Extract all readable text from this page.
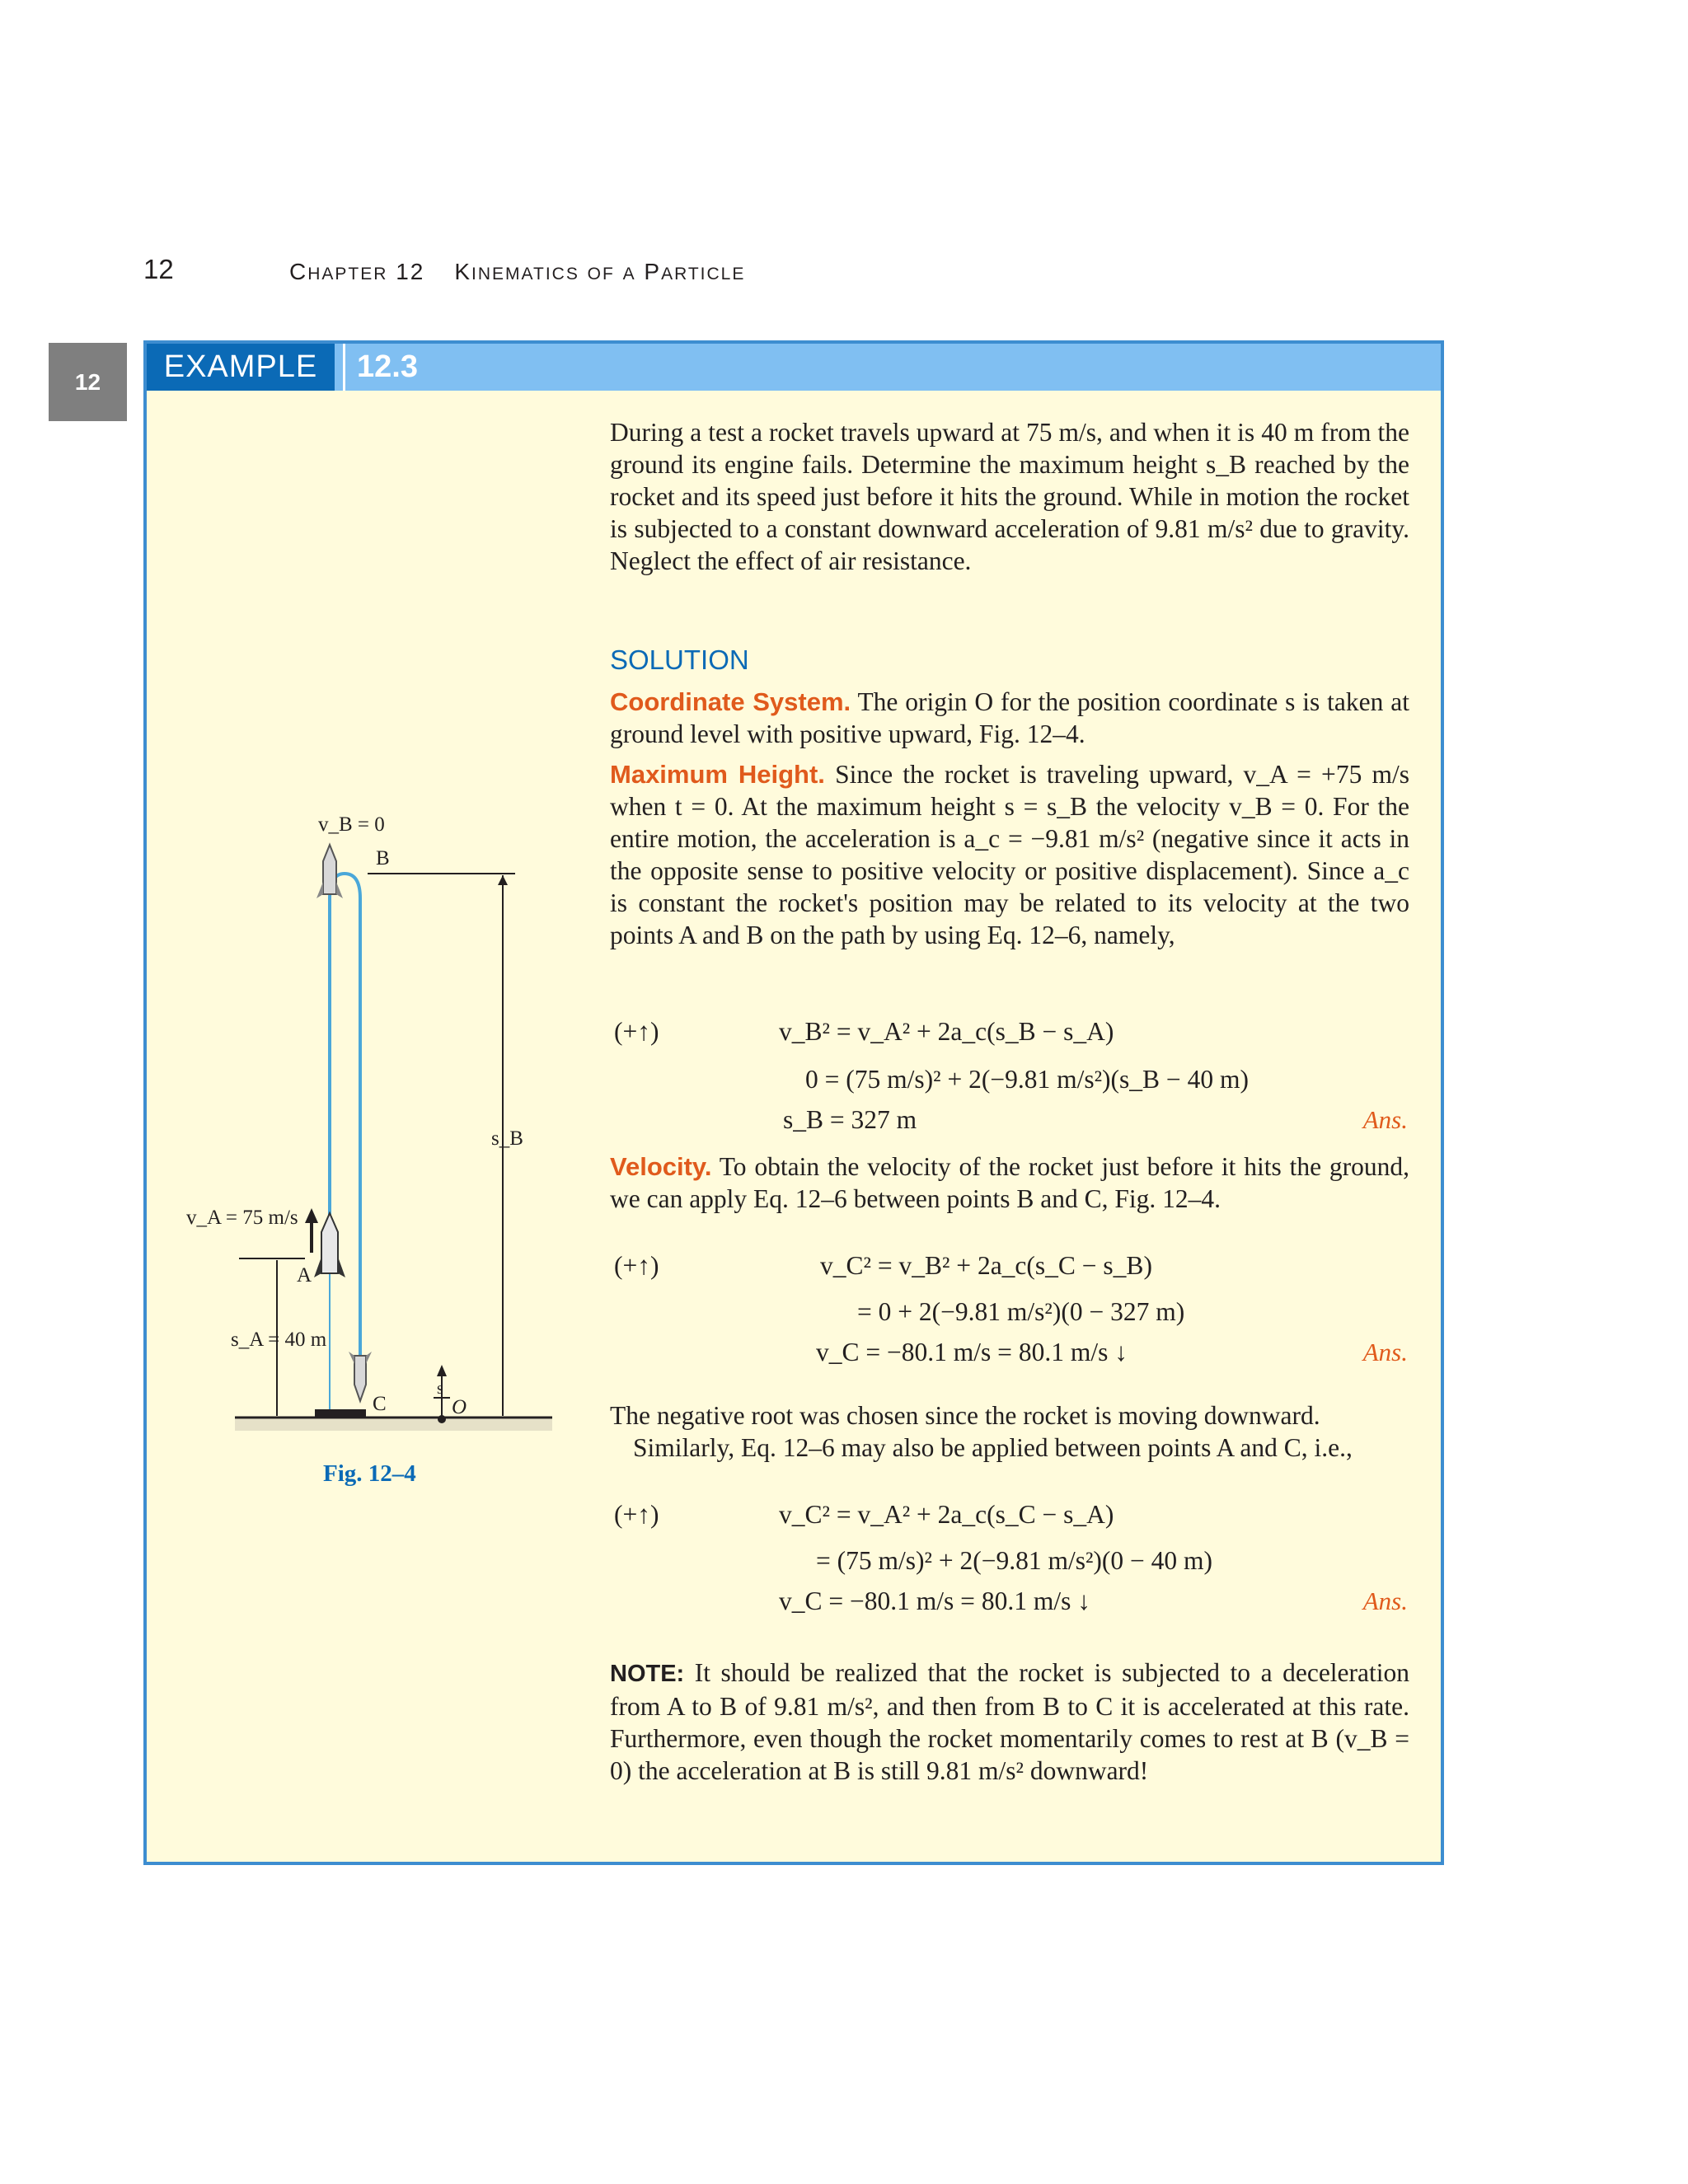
12	CHAPTER 12 KINEMATICS OF A PARTICLE
12	EXAMPLE	12.3
v_B = 0
B
s_B
v_A = 75 m/s
A
s_A = 40 m
C
s
O
Fig. 12–4
During a test a rocket travels upward at 75 m/s, and when it is 40 m from the ground its engine fails. Determine the maximum height s_B reached by the rocket and its speed just before it hits the ground. While in motion the rocket is subjected to a constant downward acceleration of 9.81 m/s² due to gravity. Neglect the effect of air resistance.
SOLUTION
Coordinate System. The origin O for the position coordinate s is taken at ground level with positive upward, Fig. 12–4.
Maximum Height. Since the rocket is traveling upward, v_A = +75 m/s when t = 0. At the maximum height s = s_B the velocity v_B = 0. For the entire motion, the acceleration is a_c = −9.81 m/s² (negative since it acts in the opposite sense to positive velocity or positive displacement). Since a_c is constant the rocket's position may be related to its velocity at the two points A and B on the path by using Eq. 12–6, namely,
(+↑)	v_B² = v_A² + 2a_c(s_B − s_A)
0 = (75 m/s)² + 2(−9.81 m/s²)(s_B − 40 m)
s_B = 327 m	Ans.
Velocity. To obtain the velocity of the rocket just before it hits the ground, we can apply Eq. 12–6 between points B and C, Fig. 12–4.
(+↑)	v_C² = v_B² + 2a_c(s_C − s_B)
= 0 + 2(−9.81 m/s²)(0 − 327 m)
v_C = −80.1 m/s = 80.1 m/s ↓	Ans.
The negative root was chosen since the rocket is moving downward.
Similarly, Eq. 12–6 may also be applied between points A and C, i.e.,
(+↑)	v_C² = v_A² + 2a_c(s_C − s_A)
= (75 m/s)² + 2(−9.81 m/s²)(0 − 40 m)
v_C = −80.1 m/s = 80.1 m/s ↓	Ans.
NOTE: It should be realized that the rocket is subjected to a deceleration from A to B of 9.81 m/s², and then from B to C it is accelerated at this rate. Furthermore, even though the rocket momentarily comes to rest at B (v_B = 0) the acceleration at B is still 9.81 m/s² downward!
